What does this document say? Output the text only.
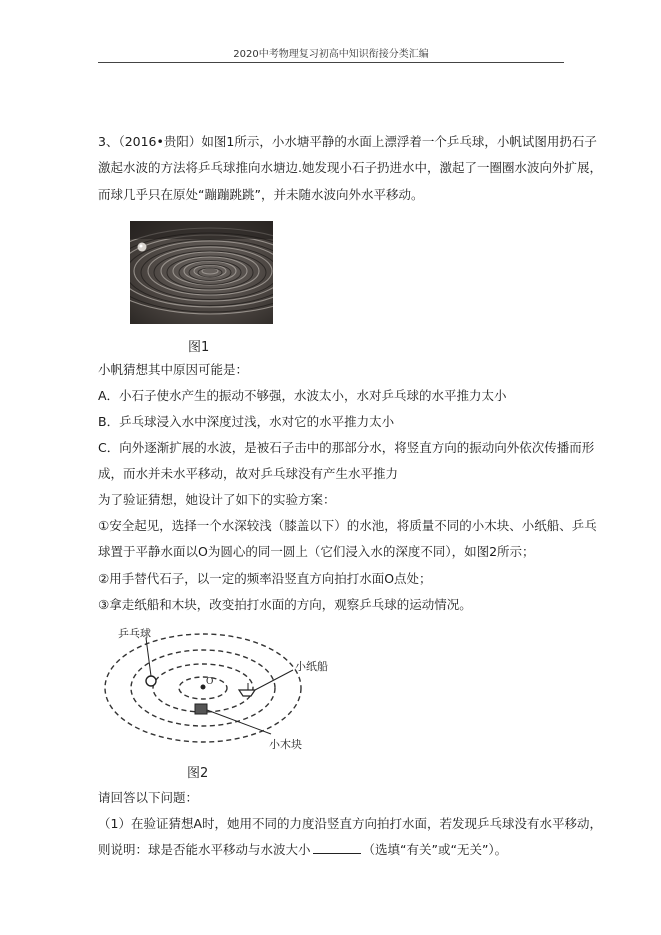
2020中考物理复习初高中知识衔接分类汇编
3、（2016•贵阳）如图1所示，小水塘平静的水面上漂浮着一个乒乓球，小帆试图用扔石子
激起水波的方法将乒乓球推向水塘边.她发现小石子扔进水中，激起了一圈圈水波向外扩展，
而球几乎只在原处“蹦蹦跳跳”，并未随水波向外水平移动。
图1
小帆猜想其中原因可能是：
A．小石子使水产生的振动不够强，水波太小，水对乒乓球的水平推力太小
B．乒乓球浸入水中深度过浅，水对它的水平推力太小
C．向外逐渐扩展的水波，是被石子击中的那部分水，将竖直方向的振动向外依次传播而形
成，而水并未水平移动，故对乒乓球没有产生水平推力
为了验证猜想，她设计了如下的实验方案：
①安全起见，选择一个水深较浅（膝盖以下）的水池，将质量不同的小木块、小纸船、乒乓
球置于平静水面以O为圆心的同一圆上（它们浸入水的深度不同），如图2所示；
②用手替代石子，以一定的频率沿竖直方向拍打水面O点处；
③拿走纸船和木块，改变拍打水面的方向，观察乒乓球的运动情况。
O
乒乓球
小纸船
小木块
图2
请回答以下问题：
（1）在验证猜想A时，她用不同的力度沿竖直方向拍打水面，若发现乒乓球没有水平移动，
则说明：球是否能水平移动与水波大小	（选填“有关”或“无关”）。
